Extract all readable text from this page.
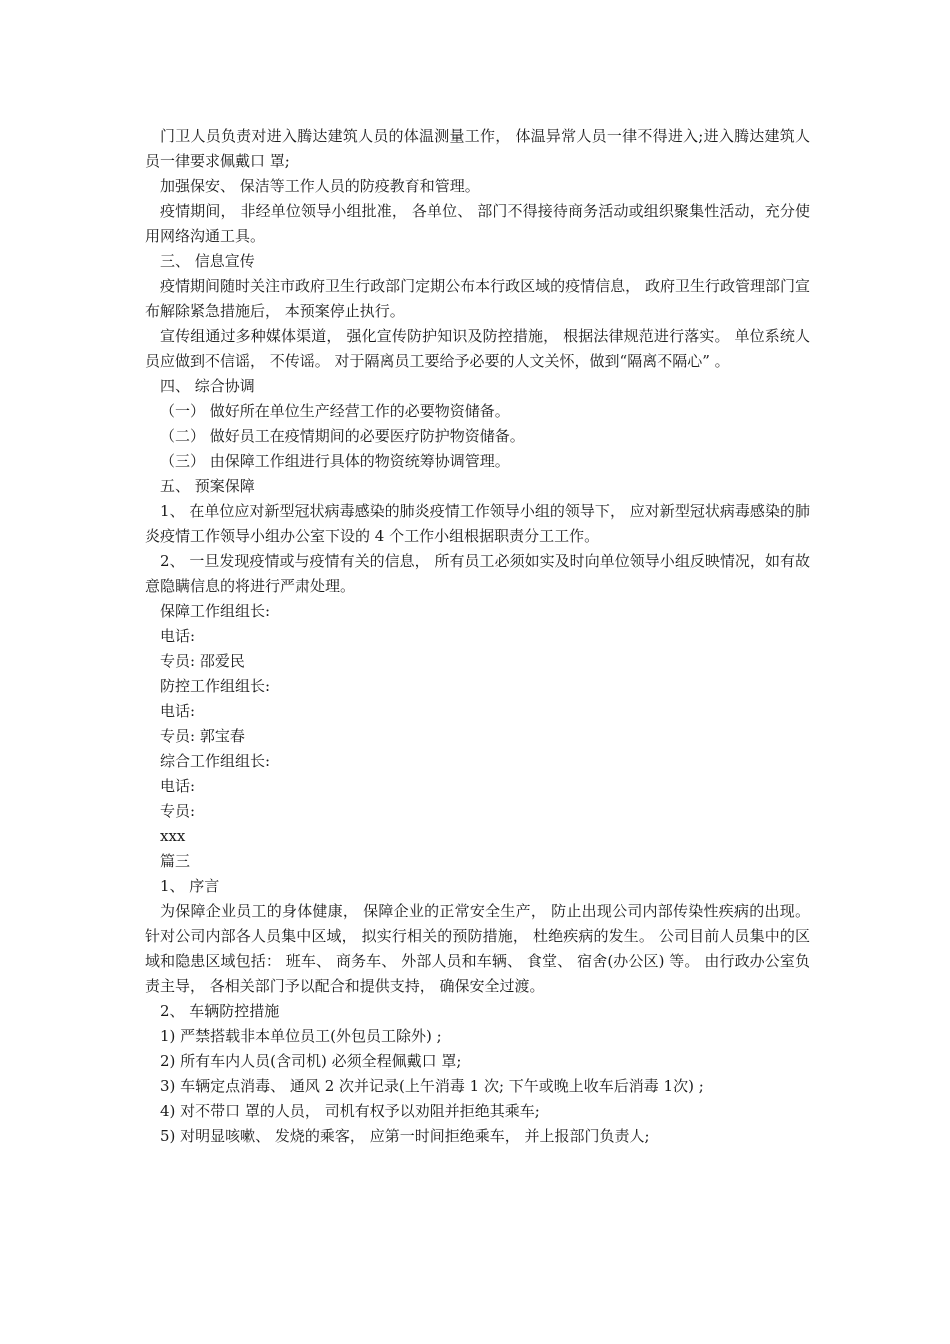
门卫人员负责对进入腾达建筑人员的体温测量工作， 体温异常人员一律不得进入;进入腾达建筑人员一律要求佩戴口 罩;

加强保安、 保洁等工作人员的防疫教育和管理。

疫情期间， 非经单位领导小组批准， 各单位、 部门不得接待商务活动或组织聚集性活动，充分使用网络沟通工具。

三、 信息宣传

疫情期间随时关注市政府卫生行政部门定期公布本行政区域的疫情信息， 政府卫生行政管理部门宣布解除紧急措施后， 本预案停止执行。

宣传组通过多种媒体渠道， 强化宣传防护知识及防控措施， 根据法律规范进行落实。 单位系统人员应做到不信谣， 不传谣。 对于隔离员工要给予必要的人文关怀，做到“隔离不隔心” 。

四、 综合协调

（一） 做好所在单位生产经营工作的必要物资储备。

（二） 做好员工在疫情期间的必要医疗防护物资储备。

（三） 由保障工作组进行具体的物资统筹协调管理。

五、 预案保障

1、 在单位应对新型冠状病毒感染的肺炎疫情工作领导小组的领导下， 应对新型冠状病毒感染的肺炎疫情工作领导小组办公室下设的 4 个工作小组根据职责分工工作。

2、 一旦发现疫情或与疫情有关的信息， 所有员工必须如实及时向单位领导小组反映情况，如有故意隐瞒信息的将进行严肃处理。

保障工作组组长:

电话:

专员: 邵爱民

防控工作组组长:

电话:

专员: 郭宝春

综合工作组组长:

电话:

专员:

xxx

篇三

1、 序言

为保障企业员工的身体健康， 保障企业的正常安全生产， 防止出现公司内部传染性疾病的出现。 针对公司内部各人员集中区域， 拟实行相关的预防措施， 杜绝疾病的发生。 公司目前人员集中的区域和隐患区域包括： 班车、 商务车、 外部人员和车辆、 食堂、 宿舍(办公区) 等。 由行政办公室负责主导， 各相关部门予以配合和提供支持， 确保安全过渡。

2、 车辆防控措施

1) 严禁搭载非本单位员工(外包员工除外) ;

2) 所有车内人员(含司机) 必须全程佩戴口 罩;

3) 车辆定点消毒、 通风 2 次并记录(上午消毒 1 次; 下午或晚上收车后消毒 1次) ;

4) 对不带口 罩的人员， 司机有权予以劝阻并拒绝其乘车;

5) 对明显咳嗽、 发烧的乘客， 应第一时间拒绝乘车， 并上报部门负责人;
